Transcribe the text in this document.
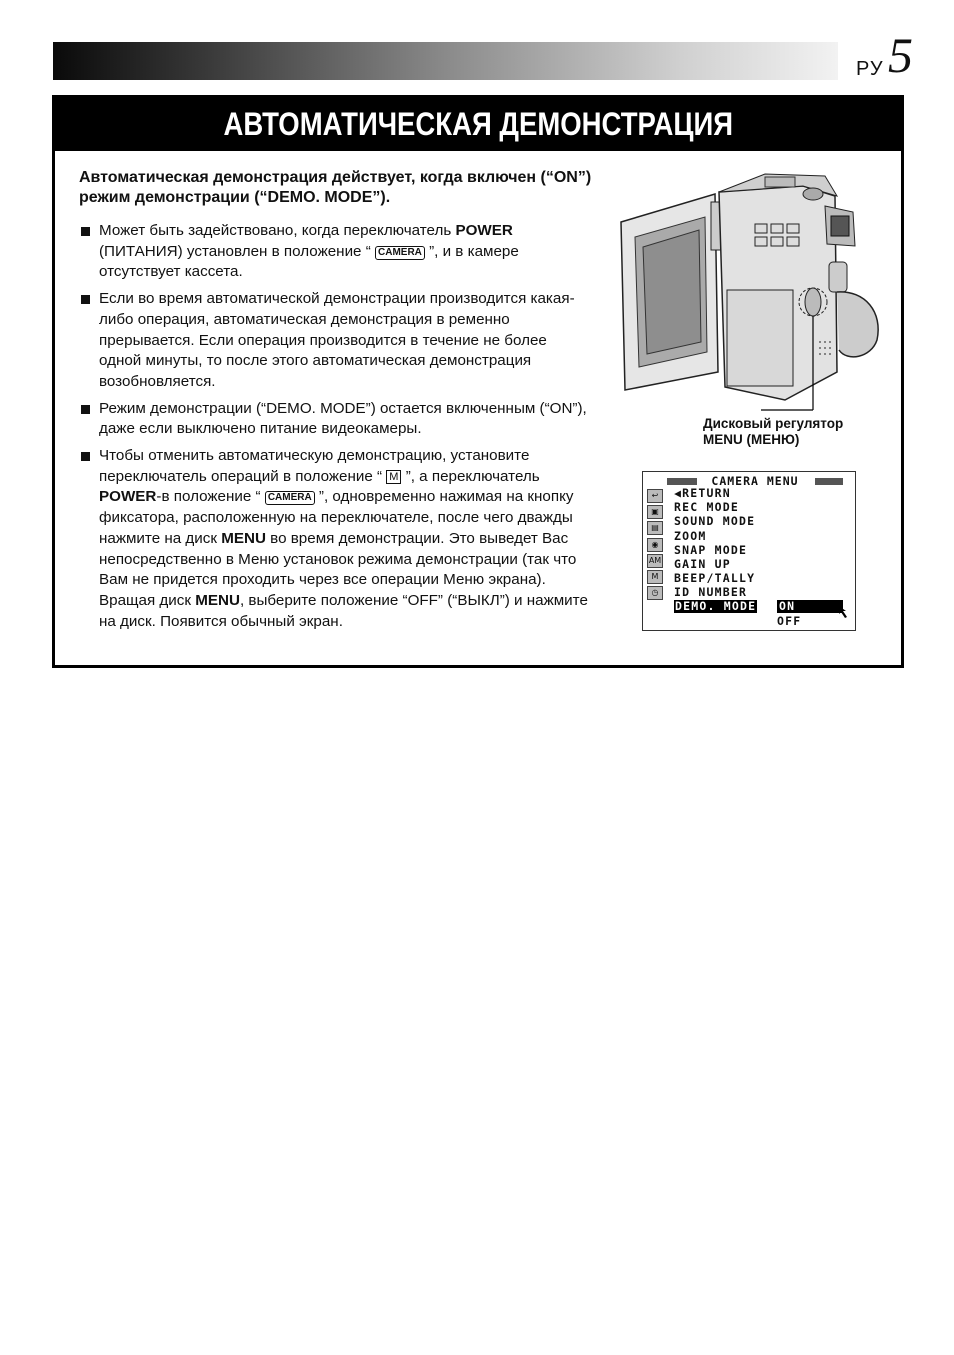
РУ 5
АВТОМАТИЧЕСКАЯ ДЕМОНСТРАЦИЯ
Автоматическая демонстрация действует, когда включен (“ON”) режим демонстрации (“DEMO. MODE”).
Может быть задействовано, когда переключатель POWER (ПИТАНИЯ) установлен в положение “ CAMERA ”, и в камере отсутствует кассета.
Если во время автоматической демонстрации производится какая-либо операция, автоматическая демонстрация в ременно прерывается. Если операция производится в течение не более одной минуты, то после этого автоматическая демонстрация возобновляется.
Режим демонстрации (“DEMO. MODE”) остается включенным (“ON”), даже если выключено питание видеокамеры.
Чтобы отменить автоматическую демонстрацию, установите переключатель операций в положение “ M ”, а переключатель POWER-в положение “ CAMERA ”, одновременно нажимая на кнопку фиксатора, расположенную на переключателе, после чего дважды нажмите на диск MENU во время демонстрации. Это выведет Вас непосредственно в Меню установок режима демонстрации (так что Вам не придется проходить через все операции Меню экрана). Вращая диск MENU, выберите положение “OFF” (“ВЫКЛ”) и нажмите на диск. Появится обычный экран.
Дисковый регулятор
MENU (МЕНЮ)
CAMERA MENU
↩
▣
▤
◉
AM
M
◷
◀RETURN
REC MODE
SOUND MODE
ZOOM
SNAP MODE
GAIN UP
BEEP/TALLY
ID NUMBER
DEMO. MODE ON
OFF
